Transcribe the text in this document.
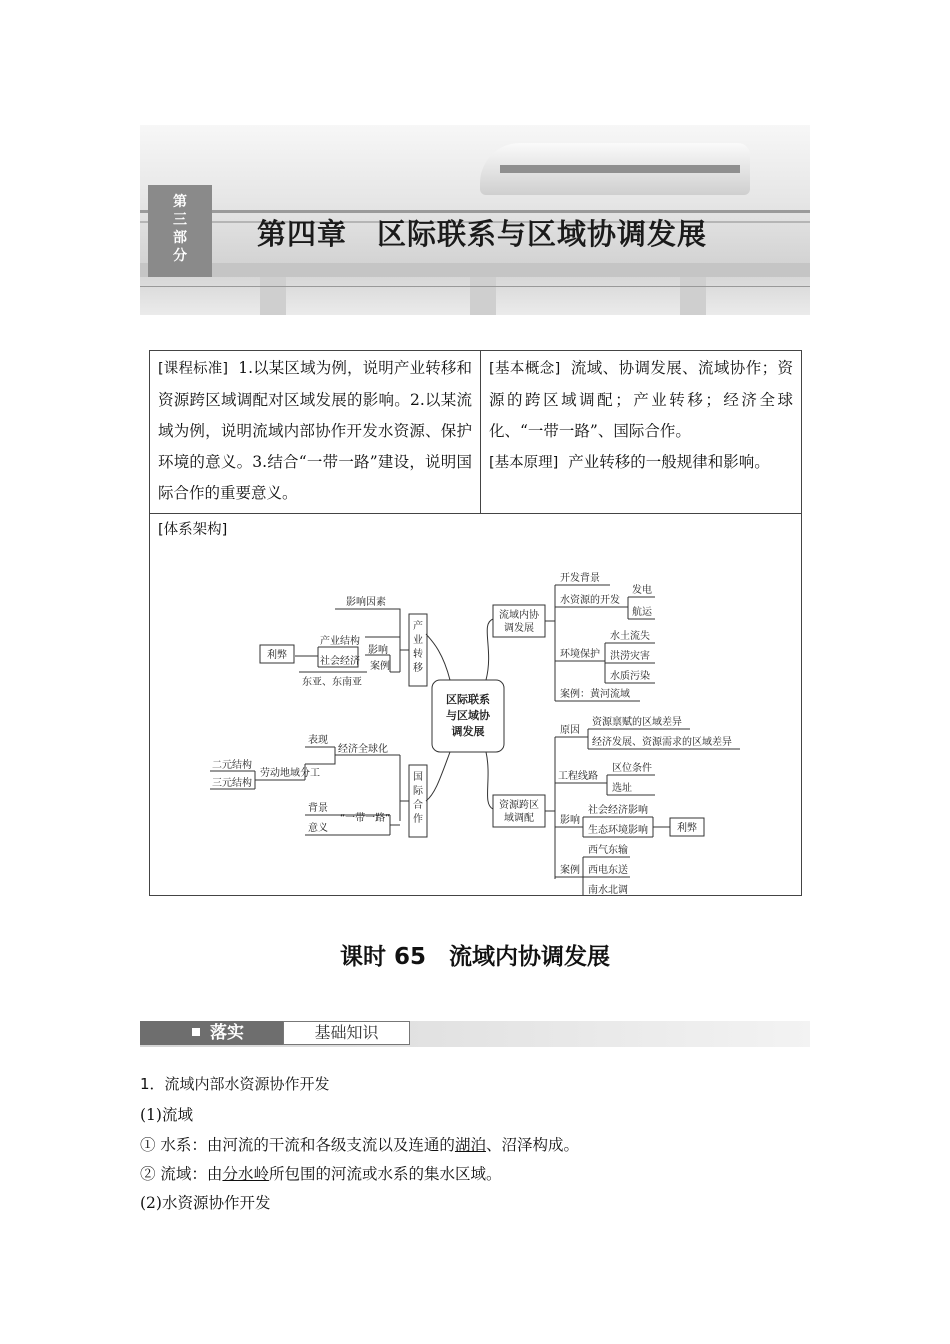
第三部分
第四章　区际联系与区域协调发展
[课程标准] 1.以某区域为例，说明产业转移和资源跨区域调配对区域发展的影响。2.以某流域为例，说明流域内部协作开发水资源、保护环境的意义。3.结合“一带一路”建设，说明国际合作的重要意义。

[基本概念] 流域、协调发展、流域协作；资源的跨区域调配；产业转移；经济全球化、“一带一路”、国际合作。
[基本原理] 产业转移的一般规律和影响。

[体系架构]
区际联系
与区域协
调发展
产
业
转
移
影响因素
影响
产业结构
社会经济
利弊
案例
东亚、东南亚
国
际
合
作
表现
经济全球化
二元结构
三元结构
劳动地域分工
背景
意义
“一带一路”
流域内协
调发展
开发背景
水资源的开发
发电
航运
环境保护
水土流失
洪涝灾害
水质污染
案例：黄河流域
资源跨区
域调配
原因
资源禀赋的区域差异
经济发展、资源需求的区域差异
工程线路
区位条件
选址
影响
社会经济影响
生态环境影响	利弊
案例
西气东输
西电东送
南水北调
课时 65　流域内协调发展
落实	基础知识
1．流域内部水资源协作开发
(1)流域
① 水系：由河流的干流和各级支流以及连通的湖泊、沼泽构成。
② 流域：由分水岭所包围的河流或水系的集水区域。
(2)水资源协作开发
